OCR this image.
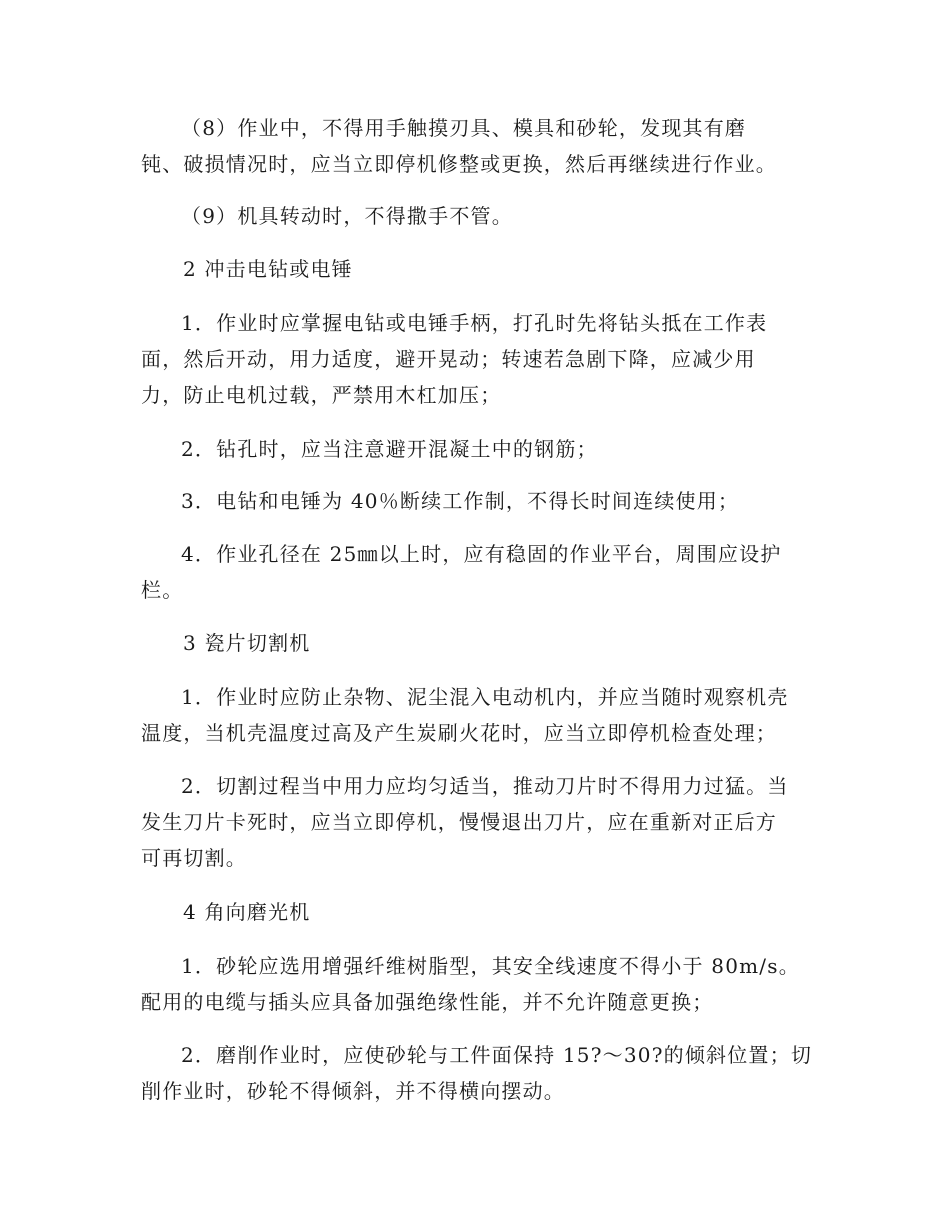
（8）作业中，不得用手触摸刃具、模具和砂轮，发现其有磨
钝、破损情况时，应当立即停机修整或更换，然后再继续进行作业。

（9）机具转动时，不得撒手不管。

2 冲击电钻或电锤

1．作业时应掌握电钻或电锤手柄，打孔时先将钻头抵在工作表
面，然后开动，用力适度，避开晃动；转速若急剧下降，应减少用
力，防止电机过载，严禁用木杠加压；

2．钻孔时，应当注意避开混凝土中的钢筋；

3．电钻和电锤为 40％断续工作制，不得长时间连续使用；

4．作业孔径在 25㎜以上时，应有稳固的作业平台，周围应设护
栏。

3 瓷片切割机

1．作业时应防止杂物、泥尘混入电动机内，并应当随时观察机壳
温度，当机壳温度过高及产生炭刷火花时，应当立即停机检查处理；

2．切割过程当中用力应均匀适当，推动刀片时不得用力过猛。当
发生刀片卡死时，应当立即停机，慢慢退出刀片，应在重新对正后方
可再切割。

4 角向磨光机

1．砂轮应选用增强纤维树脂型，其安全线速度不得小于 80m/s。
配用的电缆与插头应具备加强绝缘性能，并不允许随意更换；

2．磨削作业时，应使砂轮与工件面保持 15?～30?的倾斜位置；切
削作业时，砂轮不得倾斜，并不得横向摆动。
